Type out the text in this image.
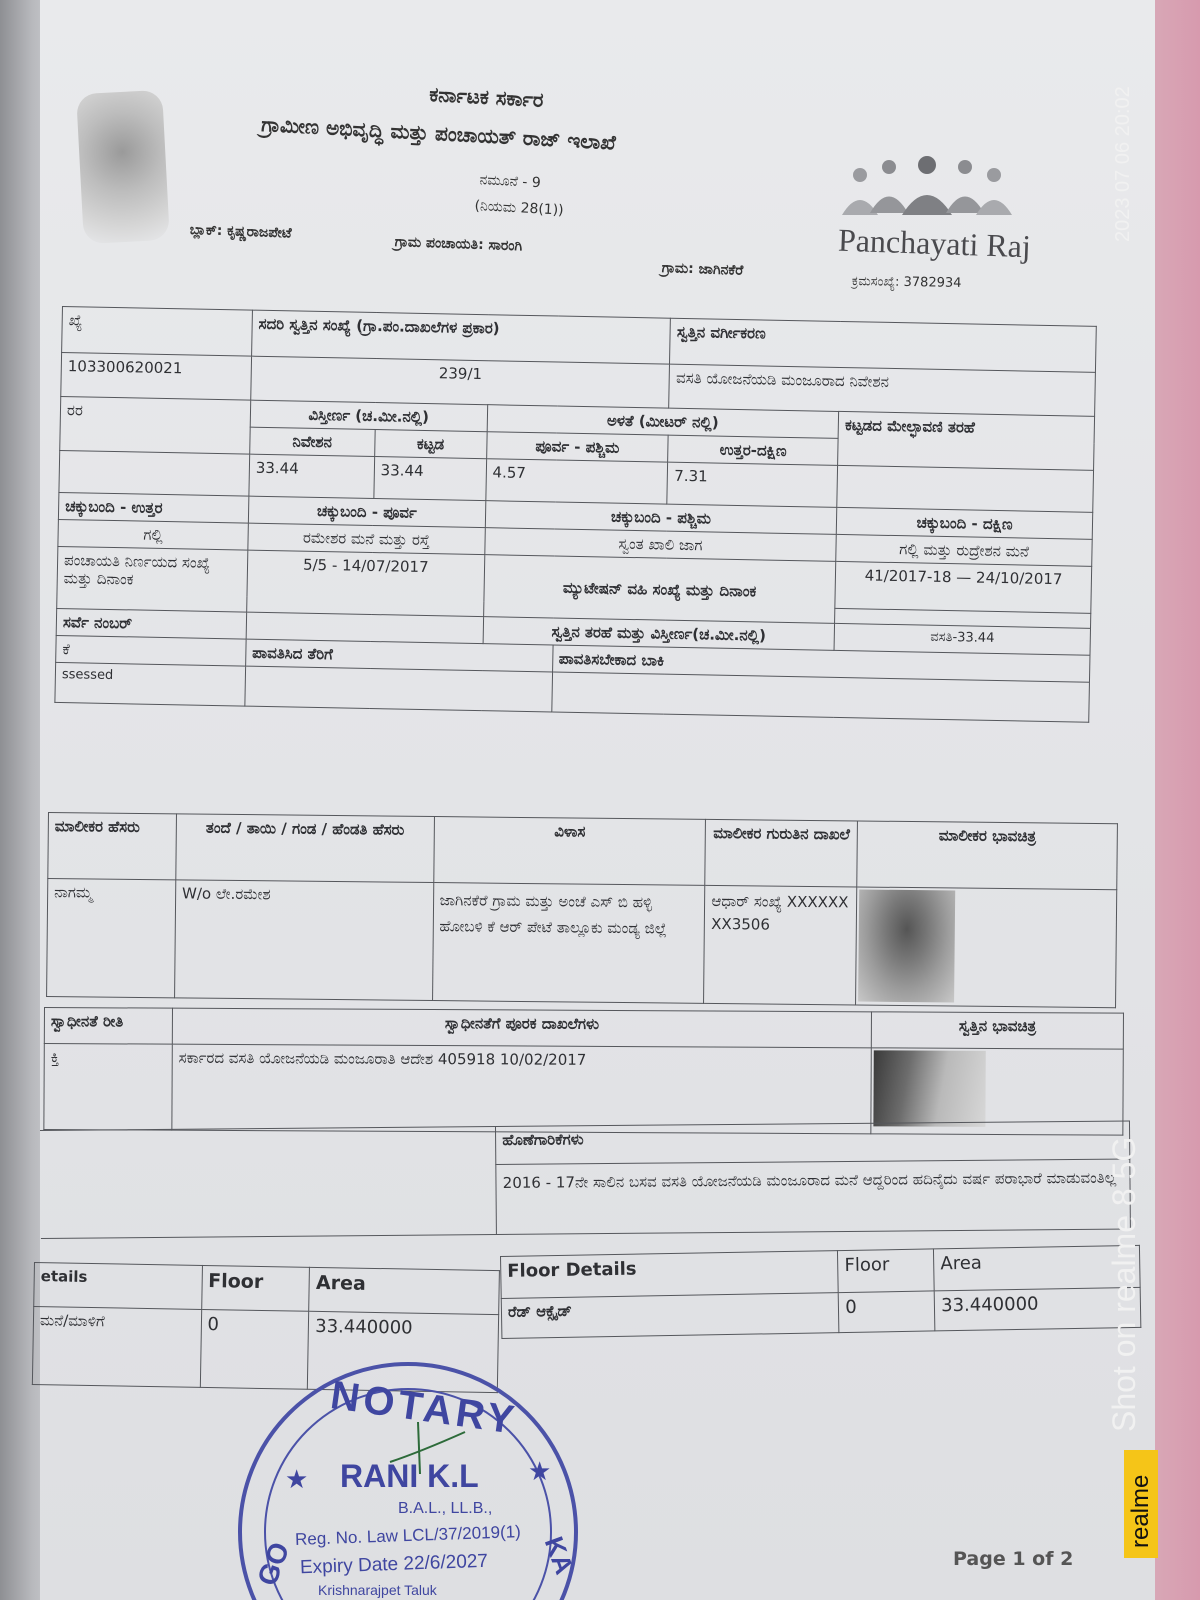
ಕರ್ನಾಟಕ ಸರ್ಕಾರ
ಗ್ರಾಮೀಣ ಅಭಿವೃದ್ಧಿ ಮತ್ತು ಪಂಚಾಯತ್ ರಾಜ್ ಇಲಾಖೆ
ನಮೂನೆ - 9
(ನಿಯಮ 28(1))
ಬ್ಲಾಕ್: ಕೃಷ್ಣರಾಜಪೇಟೆ
ಗ್ರಾಮ ಪಂಚಾಯತಿ: ಸಾರಂಗಿ
ಗ್ರಾಮ: ಜಾಗಿನಕೆರೆ
Panchayati Raj
ಕ್ರಮಸಂಖ್ಯೆ: 3782934
ಖ್ಯೆ	ಸದರಿ ಸ್ವತ್ತಿನ ಸಂಖ್ಯೆ (ಗ್ರಾ.ಪಂ.ದಾಖಲೆಗಳ ಪ್ರಕಾರ)				ಸ್ವತ್ತಿನ ವರ್ಗೀಕರಣ	
10330062002​1	239/1				ವಸತಿ ಯೋಜನೆಯಡಿ ಮಂಜೂರಾದ ನಿವೇಶನ	
ರರ	ವಿಸ್ತೀರ್ಣ (ಚ.ಮೀ.ನಲ್ಲಿ)		ಅಳತೆ (ಮೀಟರ್ ನಲ್ಲಿ)			ಕಟ್ಟಡದ ಮೇಲ್ಛಾವಣಿ ತರಹೆ
	ನಿವೇಶನ	ಕಟ್ಟಡ	ಪೂರ್ವ - ಪಶ್ಚಿಮ		ಉತ್ತರ-ದಕ್ಷಿಣ	
	33.44	33.44	4.57		7.31	
ಚಕ್ಕುಬಂದಿ - ಉತ್ತರ	ಚಕ್ಕುಬಂದಿ - ಪೂರ್ವ		ಚಕ್ಕುಬಂದಿ - ಪಶ್ಚಿಮ			ಚಕ್ಕುಬಂದಿ - ದಕ್ಷಿಣ
ಗಲ್ಲಿ	ರಮೇಶರ ಮನೆ ಮತ್ತು ರಸ್ತೆ		ಸ್ವಂತ ಖಾಲಿ ಜಾಗ			ಗಲ್ಲಿ ಮತ್ತು ರುದ್ರೇಶನ ಮನೆ
ಪಂಚಾಯತಿ ನಿರ್ಣಯದ ಸಂಖ್ಯೆ ಮತ್ತು ದಿನಾಂಕ	5/5 - 14/07/2017		ಮ್ಯುಟೇಷನ್ ವಹಿ ಸಂಖ್ಯೆ ಮತ್ತು ದಿನಾಂಕ			41/2017-18 — 24/10/2017

ಸರ್ವೆ ನಂಬರ್			ಸ್ವತ್ತಿನ ತರಹೆ ಮತ್ತು ವಿಸ್ತೀರ್ಣ(ಚ.ಮೀ.ನಲ್ಲಿ)			ವಸತಿ-33.44
ಕೆ	ಪಾವತಿಸಿದ ತೆರಿಗೆ			ಪಾವತಿಸಬೇಕಾದ ಬಾಕಿ		
ssessed						
ಮಾಲೀಕರ ಹೆಸರು	ತಂದೆ / ತಾಯಿ / ಗಂಡ / ಹೆಂಡತಿ ಹೆಸರು	ವಿಳಾಸ	ಮಾಲೀಕರ ಗುರುತಿನ ದಾಖಲೆ	ಮಾಲೀಕರ ಭಾವಚಿತ್ರ
ನಾಗಮ್ಮ	W/o ಲೇ.ರಮೇಶ	ಜಾಗಿನಕೆರೆ ಗ್ರಾಮ ಮತ್ತು ಅಂಚೆ ಎಸ್ ಬಿ ಹಳ್ಳಿ ಹೋಬಳಿ ಕೆ ಆರ್ ಪೇಟೆ ತಾಲ್ಲೂಕು ಮಂಡ್ಯ ಜಿಲ್ಲೆ	ಆಧಾರ್ ಸಂಖ್ಯೆ XXXXXXXX3506	
ಸ್ವಾಧೀನತೆ ರೀತಿ	ಸ್ವಾಧೀನತೆಗೆ ಪೂರಕ ದಾಖಲೆಗಳು	ಸ್ವತ್ತಿನ ಭಾವಚಿತ್ರ
ಕ್ತಿ	ಸರ್ಕಾರದ ವಸತಿ ಯೋಜನೆಯಡಿ ಮಂಜೂರಾತಿ ಆದೇಶ 405918 10/02/2017	
	ಹೊಣೆಗಾರಿಕೆಗಳು
2016 - 17ನೇ ಸಾಲಿನ ಬಸವ ವಸತಿ ಯೋಜನೆಯಡಿ ಮಂಜೂರಾದ ಮನೆ ಆದ್ದರಿಂದ ಹದಿನೈದು ವರ್ಷ ಪರಾಭಾರೆ ಮಾಡುವಂತಿಲ್ಲ
etails	Floor	Area
ಮನೆ/ಮಾಳಿಗೆ	0	33.440000
Floor Details	Floor	Area
ರೆಡ್ ಆಕ್ಸೈಡ್	0	33.440000
NOTARY
★	★
RANI K.L
B.A.L., LL.B.,
Reg. No. Law LCL/37/2019(1)
Expiry Date 22/6/2027
Krishnarajpet Taluk
GO	KA	Page 1 of 2
2023 07 06 20:02
Shot on realme 8 5G
realme
